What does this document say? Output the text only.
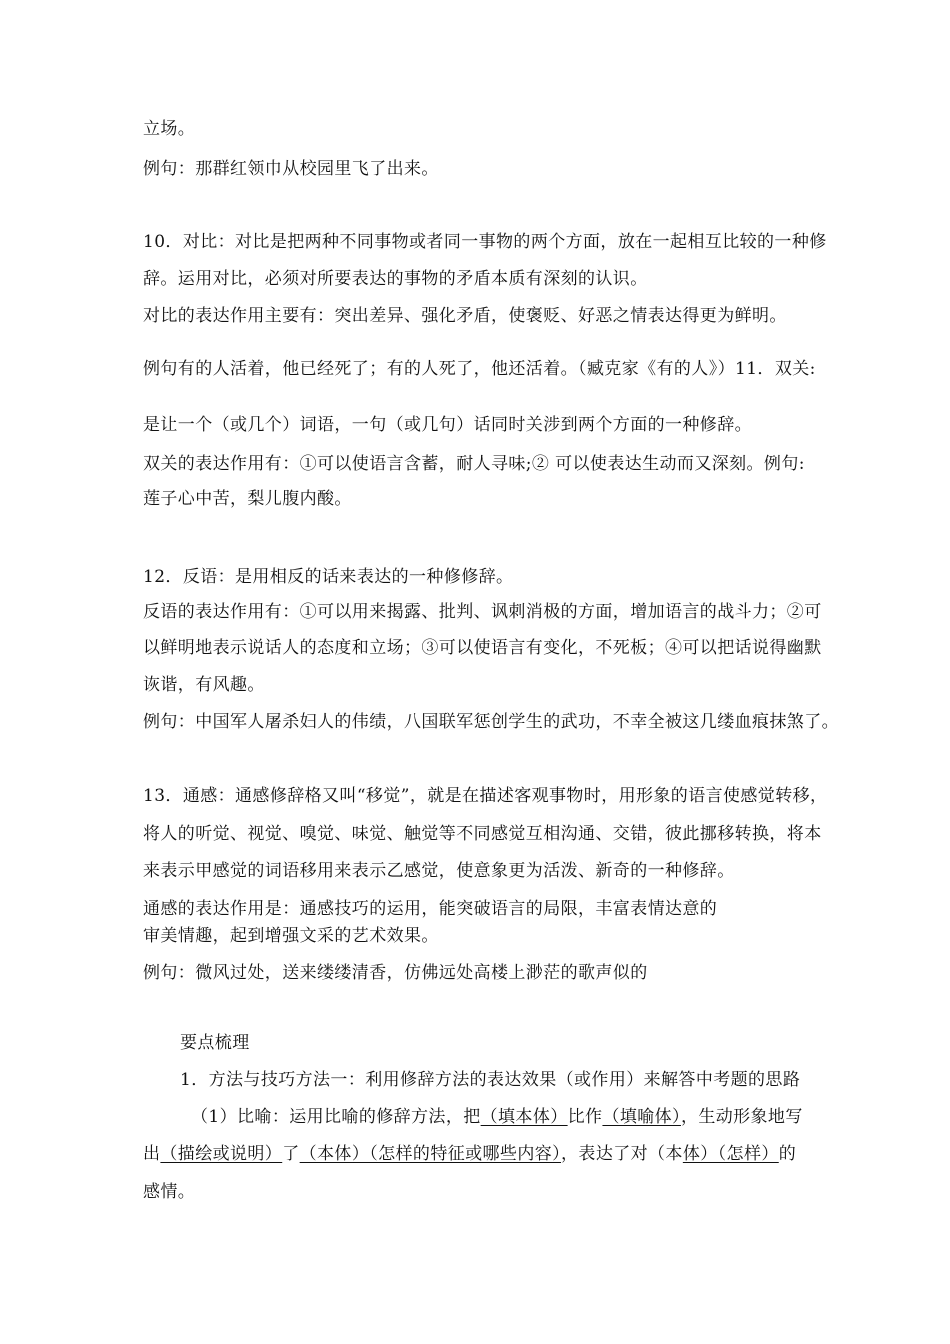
立场。
例句：那群红领巾从校园里飞了出来。
10．对比：对比是把两种不同事物或者同一事物的两个方面，放在一起相互比较的一种修
辞。运用对比，必须对所要表达的事物的矛盾本质有深刻的认识。
对比的表达作用主要有：突出差异、强化矛盾，使褒贬、好恶之情表达得更为鲜明。
例句有的人活着，他已经死了；有的人死了，他还活着。（臧克家《有的人》）11．双关:
是让一个（或几个）词语，一句（或几句）话同时关涉到两个方面的一种修辞。
双关的表达作用有：①可以使语言含蓄，耐人寻味;② 可以使表达生动而又深刻。例句:
莲子心中苦，梨儿腹内酸。
12．反语：是用相反的话来表达的一种修修辞。
反语的表达作用有：①可以用来揭露、批判、讽刺消极的方面，增加语言的战斗力；②可
以鲜明地表示说话人的态度和立场；③可以使语言有变化，不死板；④可以把话说得幽默
诙谐，有风趣。
例句：中国军人屠杀妇人的伟绩，八国联军惩创学生的武功，不幸全被这几缕血痕抹煞了。
13．通感：通感修辞格又叫“移觉”，就是在描述客观事物时，用形象的语言使感觉转移，
将人的听觉、视觉、嗅觉、味觉、触觉等不同感觉互相沟通、交错，彼此挪移转换，将本
来表示甲感觉的词语移用来表示乙感觉，使意象更为活泼、新奇的一种修辞。
通感的表达作用是：通感技巧的运用，能突破语言的局限，丰富表情达意的
审美情趣，起到增强文采的艺术效果。
例句：微风过处，送来缕缕清香，仿佛远处高楼上渺茫的歌声似的
要点梳理
1．方法与技巧方法一：利用修辞方法的表达效果（或作用）来解答中考题的思路
（1）比喻：运用比喻的修辞方法，把（填本体）比作（填喻体），生动形象地写
出（描绘或说明）了（本体）（怎样的特征或哪些内容），表达了对（本体）（怎样）的
感情。
